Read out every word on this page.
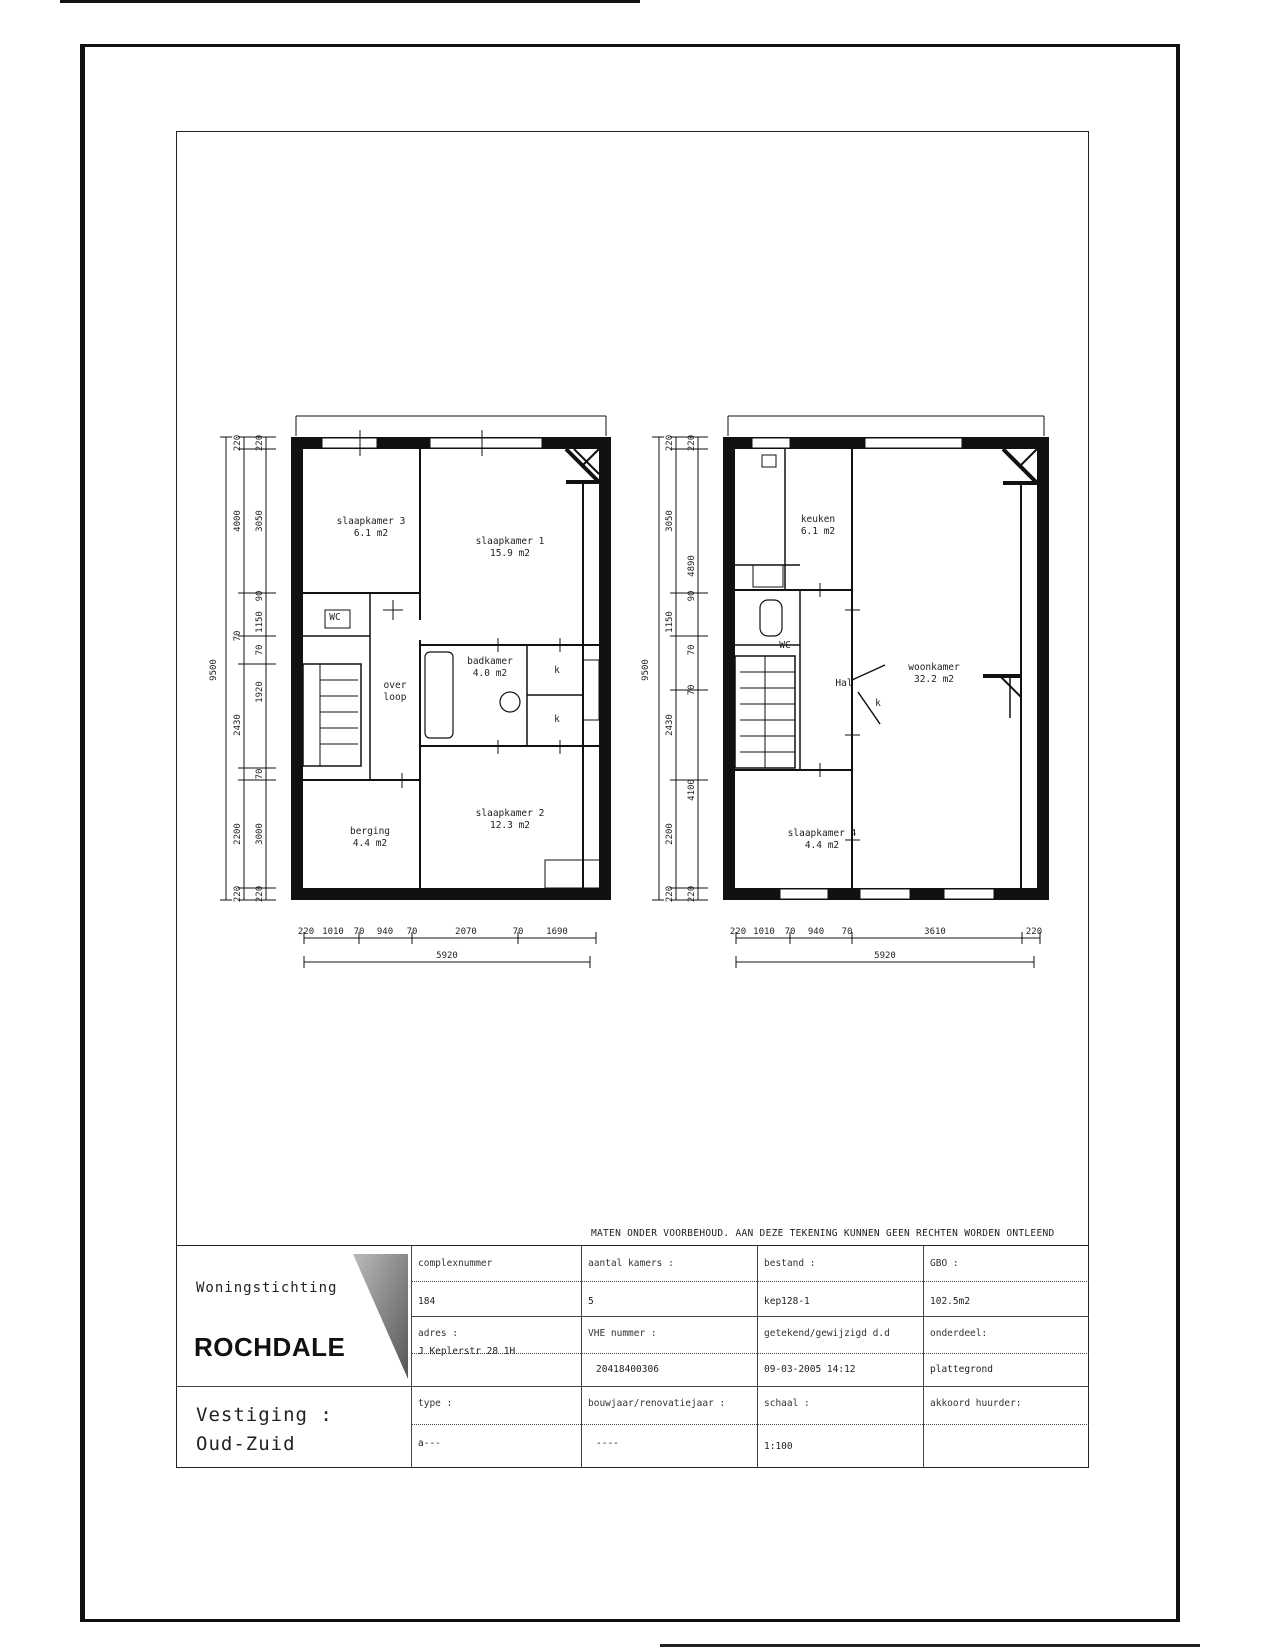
slaapkamer 3
6.1 m2
slaapkamer 1
15.9 m2
WC
over
loop
badkamer
4.0 m2	k
k
berging
4.4 m2
slaapkamer 2
12.3 m2
keuken
6.1 m2
WC
Hal
woonkamer
32.2 m2
slaapkamer 4
4.4 m2
k
9500
220
4000
70
2430
3000
220
220
3050
90
1150
70
1920
70
2200
220
9500
220
4890
2430
4100
220
220
3050
90
1150
70
70
2200
220
220 1010 70 940 70	2070	70	1690
5920
220 1010 70 940 70	3610	220
5920
MATEN ONDER VOORBEHOUD. AAN DEZE TEKENING KUNNEN GEEN RECHTEN WORDEN ONTLEEND
Woningstichting
ROCHDALE
Vestiging :
Oud-Zuid
complexnummer
184
aantal kamers :
5
bestand :
kep128-1
GBO :
102.5m2
adres :
J Keplerstr 28 1H
VHE nummer :
20418400306
getekend/gewijzigd d.d
09-03-2005 14:12
onderdeel:
plattegrond
type :
a---
bouwjaar/renovatiejaar :
----
schaal :
1:100
akkoord huurder:
